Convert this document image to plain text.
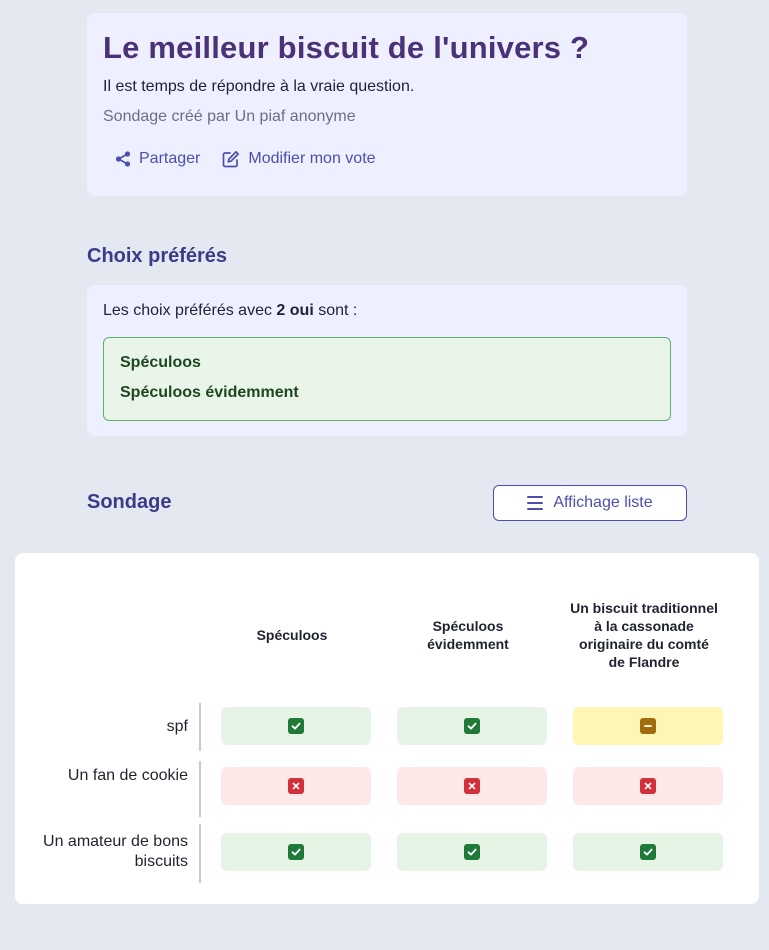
Le meilleur biscuit de l'univers ?
Il est temps de répondre à la vraie question.
Sondage créé par Un piaf anonyme
Partager	Modifier mon vote
Choix préférés
Les choix préférés avec 2 oui sont :
Spéculoos
Spéculoos évidemment
Sondage	Affichage liste
Spéculoos
Spéculoos évidemment
Un biscuit traditionnel à la cassonade originaire du comté de Flandre
spf
Un fan de cookie
Un amateur de bons biscuits
